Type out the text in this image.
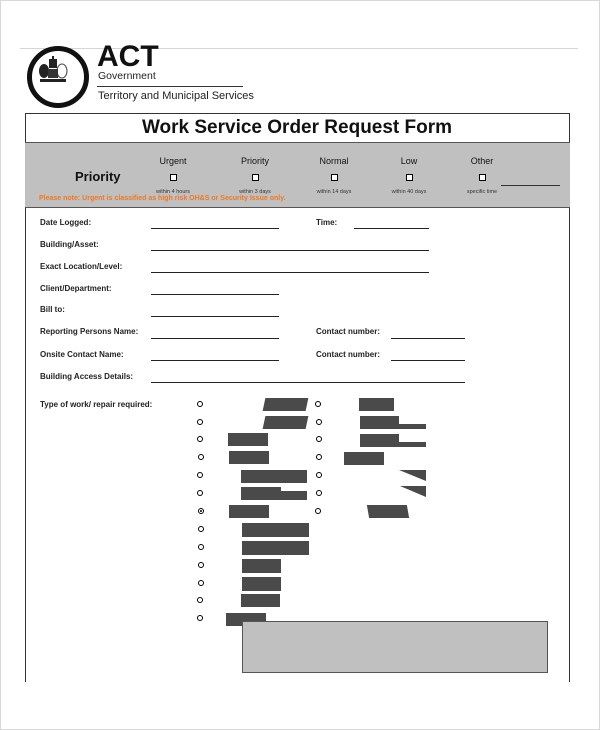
ACT
Government
Territory and Municipal Services
Work Service Order Request Form
Priority
Urgent
within 4 hours
Priority
within 3 days
Normal
within 14 days
Low
within 40 days
Other
specific time
Please note: Urgent is classified as high risk OH&S or Security Issue only.
Date Logged:	Time:
Building/Asset:
Exact Location/Level:
Client/Department:
Bill to:
Reporting Persons Name:	Contact number:
Onsite Contact Name:	Contact number:
Building Access Details:
Type of work/ repair required:
